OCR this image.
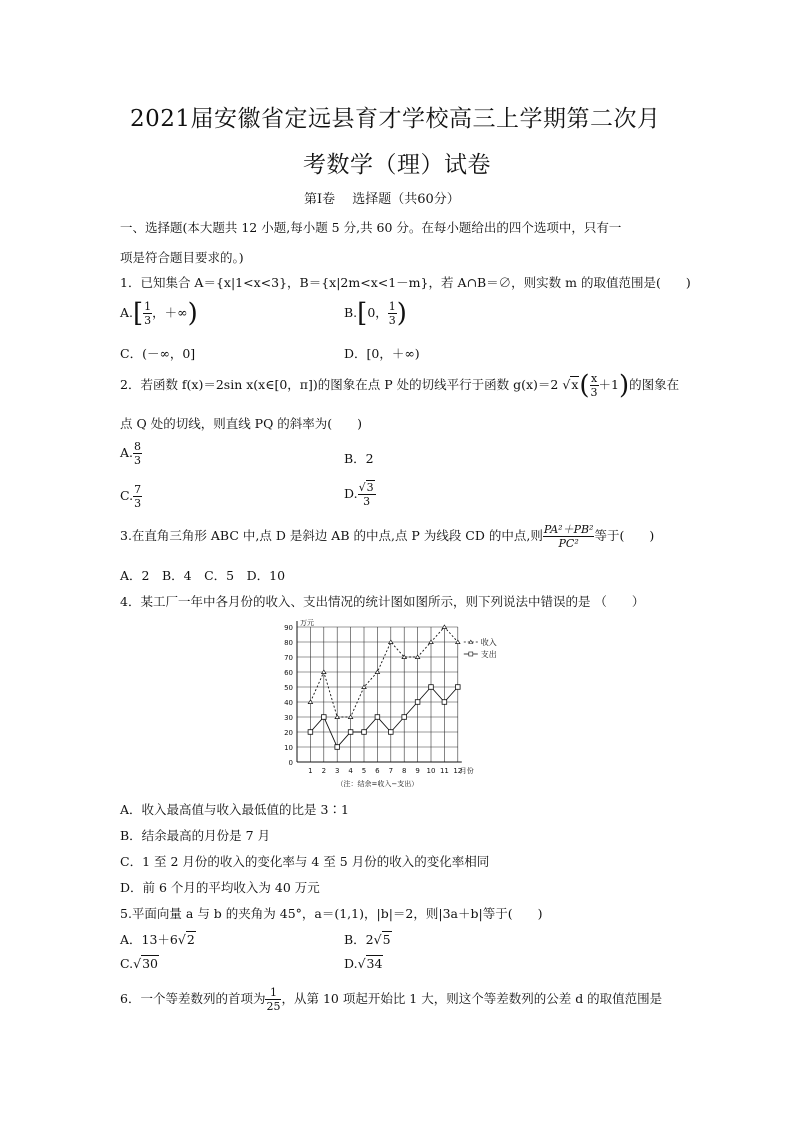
2021届安徽省定远县育才学校高三上学期第二次月
考数学（理）试卷
第Ⅰ卷　 选择题（共60分）
一、选择题(本大题共 12 小题,每小题 5 分,共 60 分。在每小题给出的四个选项中，只有一
项是符合题目要求的。)
1．已知集合 A＝{x|1<x<3}，B＝{x|2m<x<1－m}，若 A∩B＝∅，则实数 m 的取值范围是(　　)
$A.[ \frac{1}{3}$ ，＋∞)	B.[0， $\frac{1}{3}$ )
C．(－∞，0]	D．[0，＋∞)
2．若函数 f(x)＝2sin x(x∈[0，π])的图象在点 P 处的切线平行于函数 g(x)＝2 $√x( \frac{x}{3} +1)$的图象在
点 Q 处的切线，则直线 PQ 的斜率为(　　)
A. $\frac{8}{3}$	B．2
C. $\frac{7}{3}$	D. $\frac{√3}{3}$
3.在直角三角形 ABC 中,点 D 是斜边 AB 的中点,点 P 为线段 CD 的中点,则 $\frac{\text{PA²＋PB²}}{\text{PC²}}$ 等于(　　)
A．2　B．4　C．5　D．10
4．某工厂一年中各月份的收入、支出情况的统计图如图所示，则下列说法中错误的是 （　　）
0
10
20
30
40
50
60
70
80
90
1 2 3 4 5 6 7 8 9 10 11 12
万元
月份
（注：结余=收入−支出）
收入
支出
A．收入最高值与收入最低值的比是 3∶1
B．结余最高的月份是 7 月
C．1 至 2 月份的收入的变化率与 4 至 5 月份的收入的变化率相同
D．前 6 个月的平均收入为 40 万元
5.平面向量 a 与 b 的夹角为 45°，a＝(1,1)，|b|＝2，则|3a＋b|等于(　　)
A．13＋6√2	B．2√5
C.√30	D.√34
6．一个等差数列的首项为 $\frac{1}{25}$ ，从第 10 项起开始比 1 大，则这个等差数列的公差 d 的取值范围是
